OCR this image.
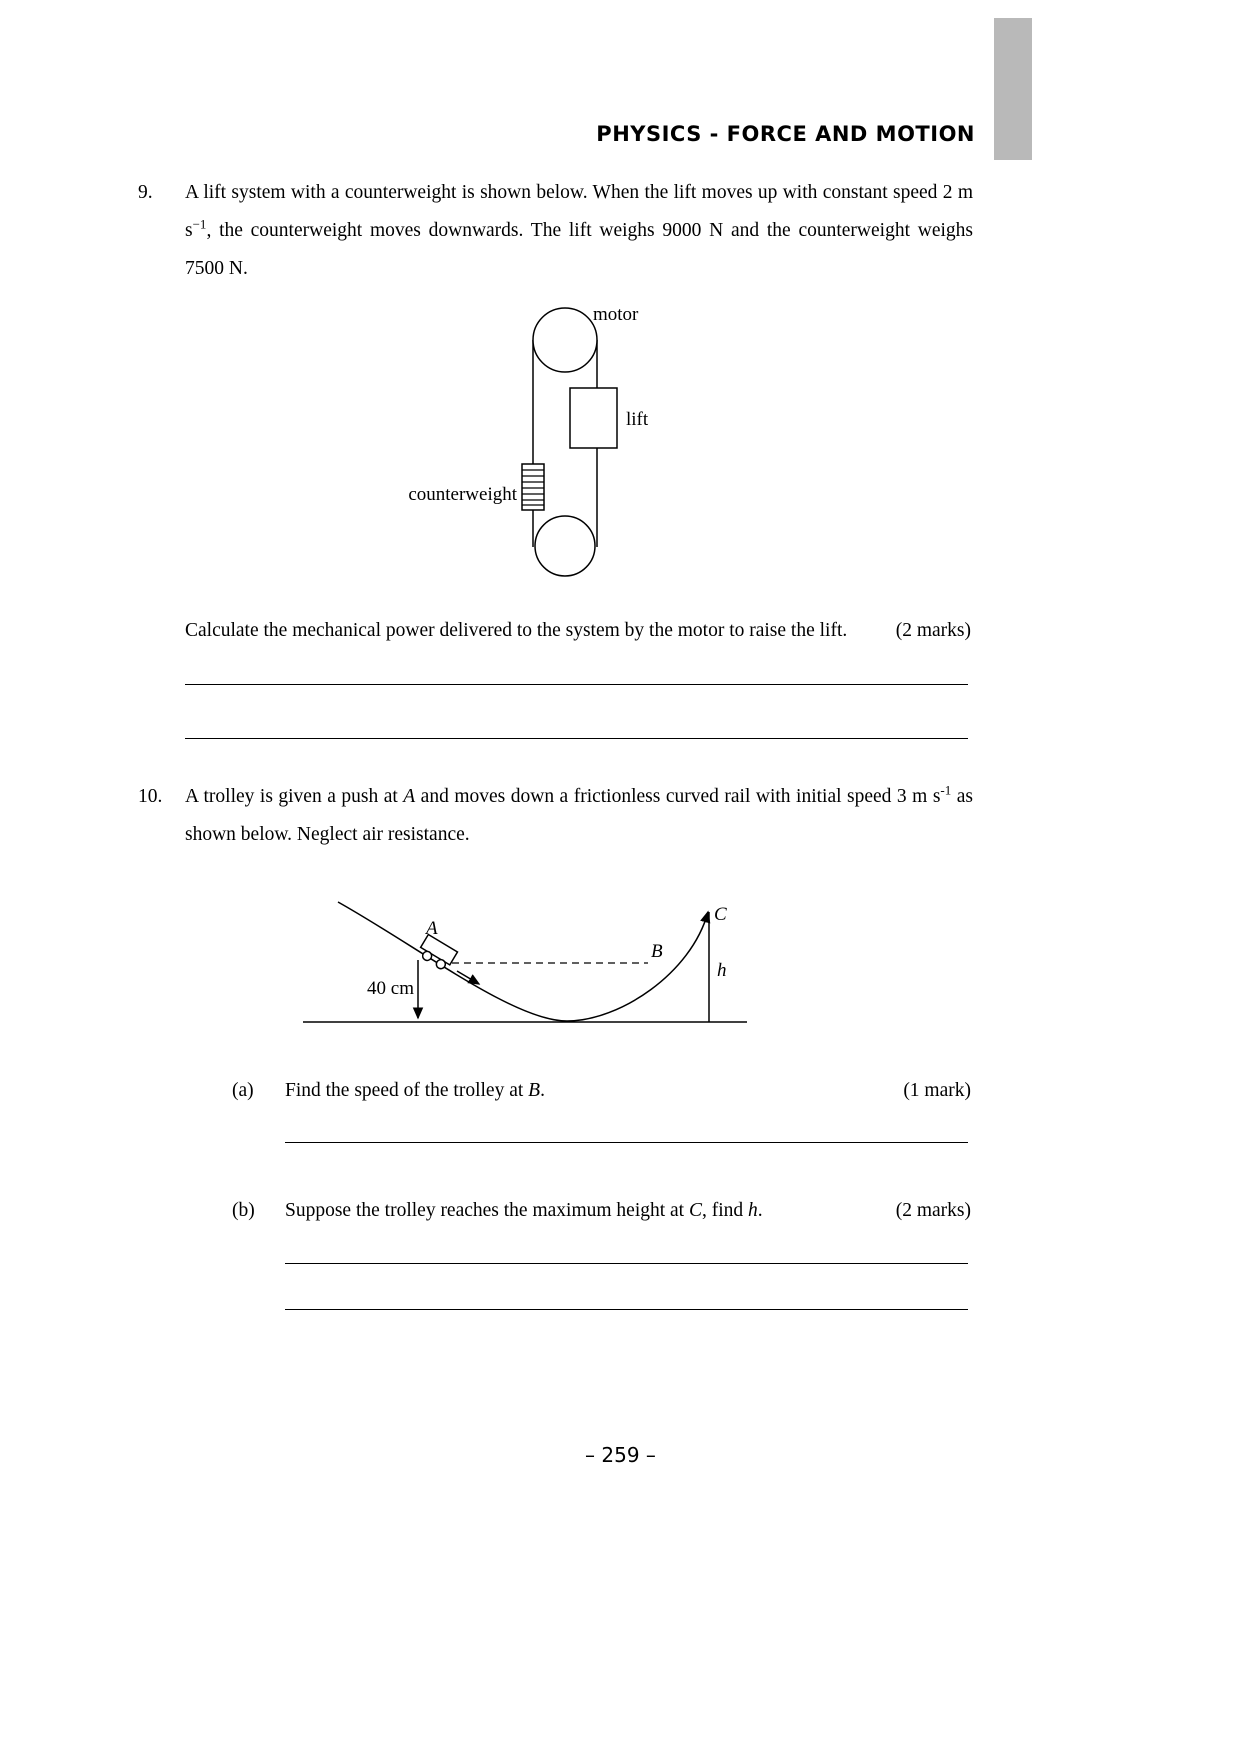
PHYSICS - FORCE AND MOTION
9. A lift system with a counterweight is shown below. When the lift moves up with constant speed 2 m $s^{-1}$, the counterweight moves downwards. The lift weighs 9000 N and the counterweight weighs 7500 N.
motor
lift
counterweight
Calculate the mechanical power delivered to the system by the motor to raise the lift.	(2 marks)
10. A trolley is given a push at A and moves down a frictionless curved rail with initial speed 3 m $s^{-1}$ as shown below. Neglect air resistance.
A
B
C
h
40 cm
(a) Find the speed of the trolley at B.	(1 mark)
(b) Suppose the trolley reaches the maximum height at C, find h.	(2 marks)
– 259 –
